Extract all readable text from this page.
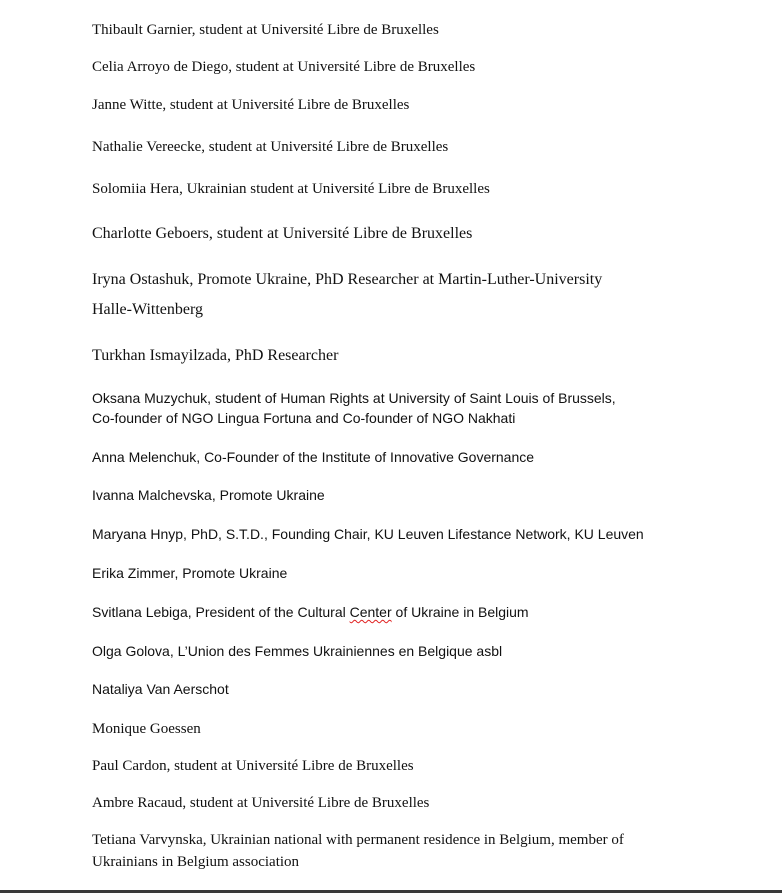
Thibault Garnier, student at Université Libre de Bruxelles

Celia Arroyo de Diego, student at Université Libre de Bruxelles

Janne Witte, student at Université Libre de Bruxelles

Nathalie Vereecke, student at Université Libre de Bruxelles

Solomiia Hera, Ukrainian student at Université Libre de Bruxelles

Charlotte Geboers, student at Université Libre de Bruxelles

Iryna Ostashuk, Promote Ukraine, PhD Researcher at Martin-Luther-University

Halle-Wittenberg

Turkhan Ismayilzada, PhD Researcher

Oksana Muzychuk, student of Human Rights at University of Saint Louis of Brussels,

Co-founder of NGO Lingua Fortuna and Co-founder of NGO Nakhati

Anna Melenchuk, Co-Founder of the Institute of Innovative Governance

Ivanna Malchevska, Promote Ukraine

Maryana Hnyp, PhD, S.T.D., Founding Chair, KU Leuven Lifestance Network, KU Leuven

Erika Zimmer, Promote Ukraine

Svitlana Lebiga, President of the Cultural Center of Ukraine in Belgium

Olga Golova, L’Union des Femmes Ukrainiennes en Belgique asbl

Nataliya Van Aerschot

Monique Goessen

Paul Cardon, student at Université Libre de Bruxelles

Ambre Racaud, student at Université Libre de Bruxelles

Tetiana Varvynska, Ukrainian national with permanent residence in Belgium, member of

Ukrainians in Belgium association
